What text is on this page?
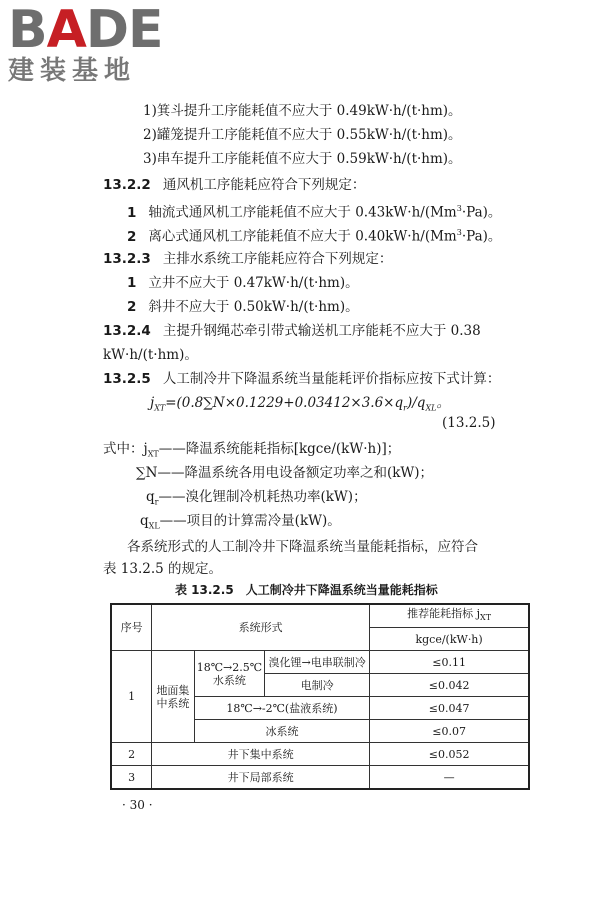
BADE
建装基地
1)箕斗提升工序能耗值不应大于 0.49kW·h/(t·hm)。
2)罐笼提升工序能耗值不应大于 0.55kW·h/(t·hm)。
3)串车提升工序能耗值不应大于 0.59kW·h/(t·hm)。
13.2.2 通风机工序能耗应符合下列规定：
1 轴流式通风机工序能耗值不应大于 $0.43kW\cdot h/(Mm^3\cdot Pa)$。
2 离心式通风机工序能耗值不应大于 $0.40kW\cdot h/(Mm^3\cdot Pa)$。
13.2.3 主排水系统工序能耗应符合下列规定：
1 立井不应大于 0.47kW·h/(t·hm)。
2 斜井不应大于 0.50kW·h/(t·hm)。
13.2.4 主提升钢绳芯牵引带式输送机工序能耗不应大于 0.38
kW·h/(t·hm)。
13.2.5 人工制冷井下降温系统当量能耗评价指标应按下式计算：
$j_{XT}=(0.8\sum N\times 0.1229+0.03412\times 3.6\times q_r)/q_{XL}$。
(13.2.5)
式中：$j_{XT}——$降温系统能耗指标[kgce/(kW·h)]；
∑N——降温系统各用电设备额定功率之和(kW)；
$q_r——$溴化锂制冷机耗热功率(kW)；
$q_{XL}——$项目的计算需冷量(kW)。
各系统形式的人工制冷井下降温系统当量能耗指标，应符合
表 13.2.5 的规定。
表 13.2.5　人工制冷井下降温系统当量能耗指标
序号	系统形式			推荐能耗指标 $j_{XT}$
				kgce/(kW·h)
1	地面集中系统	18℃→2.5℃水系统	溴化锂→电串联制冷	≤0.11
			电制冷	≤0.042
		18℃→-2℃(盐液系统)		≤0.047
		冰系统		≤0.07
2	井下集中系统			≤0.052
3	井下局部系统			—
· 30 ·
